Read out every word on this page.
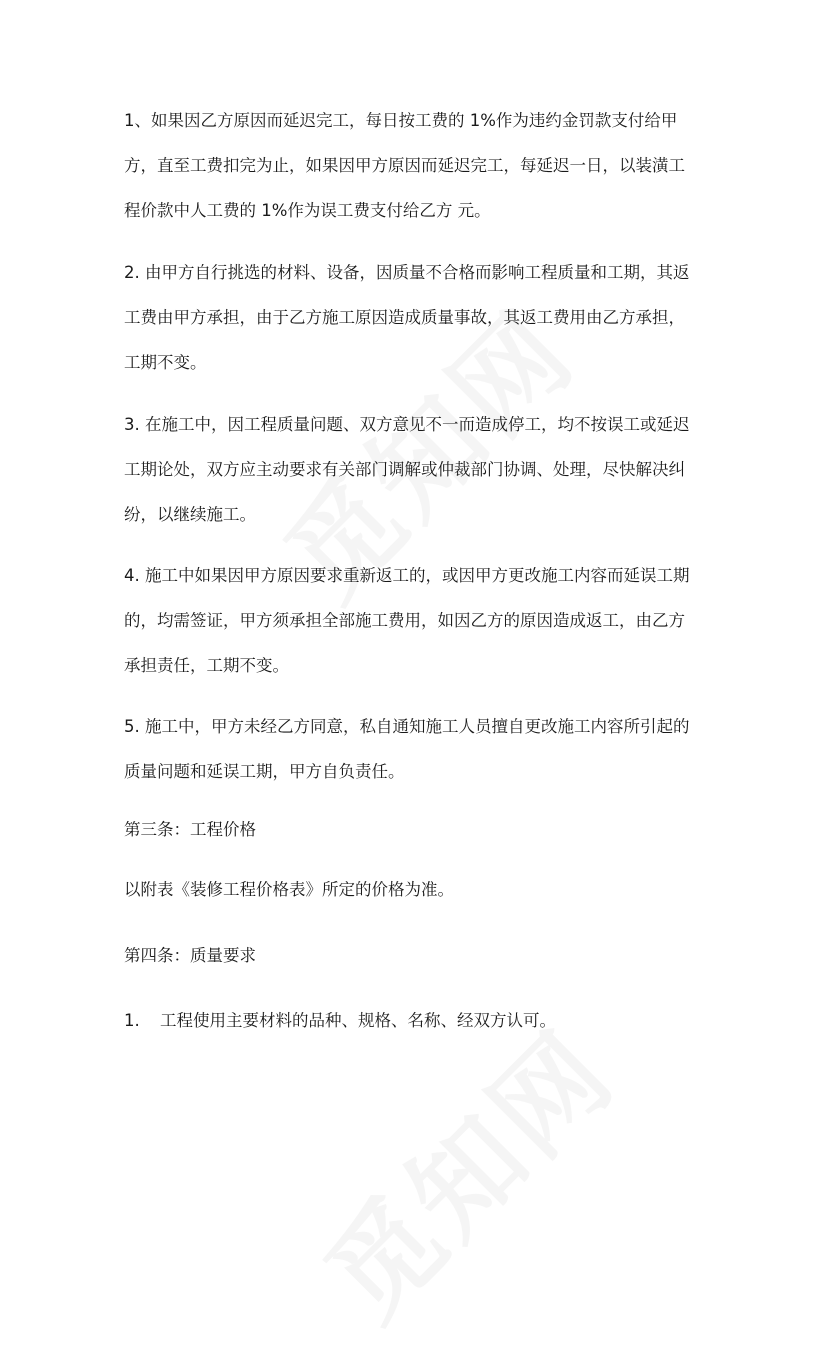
1、如果因乙方原因而延迟完工，每日按工费的 1%作为违约金罚款支付给甲
方，直至工费扣完为止，如果因甲方原因而延迟完工，每延迟一日，以装潢工
程价款中人工费的 1%作为误工费支付给乙方 元。
2. 由甲方自行挑选的材料、设备，因质量不合格而影响工程质量和工期，其返
工费由甲方承担，由于乙方施工原因造成质量事故，其返工费用由乙方承担，
工期不变。
3. 在施工中，因工程质量问题、双方意见不一而造成停工，均不按误工或延迟
工期论处，双方应主动要求有关部门调解或仲裁部门协调、处理，尽快解决纠
纷，以继续施工。
4. 施工中如果因甲方原因要求重新返工的，或因甲方更改施工内容而延误工期
的，均需签证，甲方须承担全部施工费用，如因乙方的原因造成返工，由乙方
承担责任，工期不变。
5. 施工中，甲方未经乙方同意，私自通知施工人员擅自更改施工内容所引起的
质量问题和延误工期，甲方自负责任。
第三条：工程价格
以附表《装修工程价格表》所定的价格为准。
第四条：质量要求
1. 工程使用主要材料的品种、规格、名称、经双方认可。
